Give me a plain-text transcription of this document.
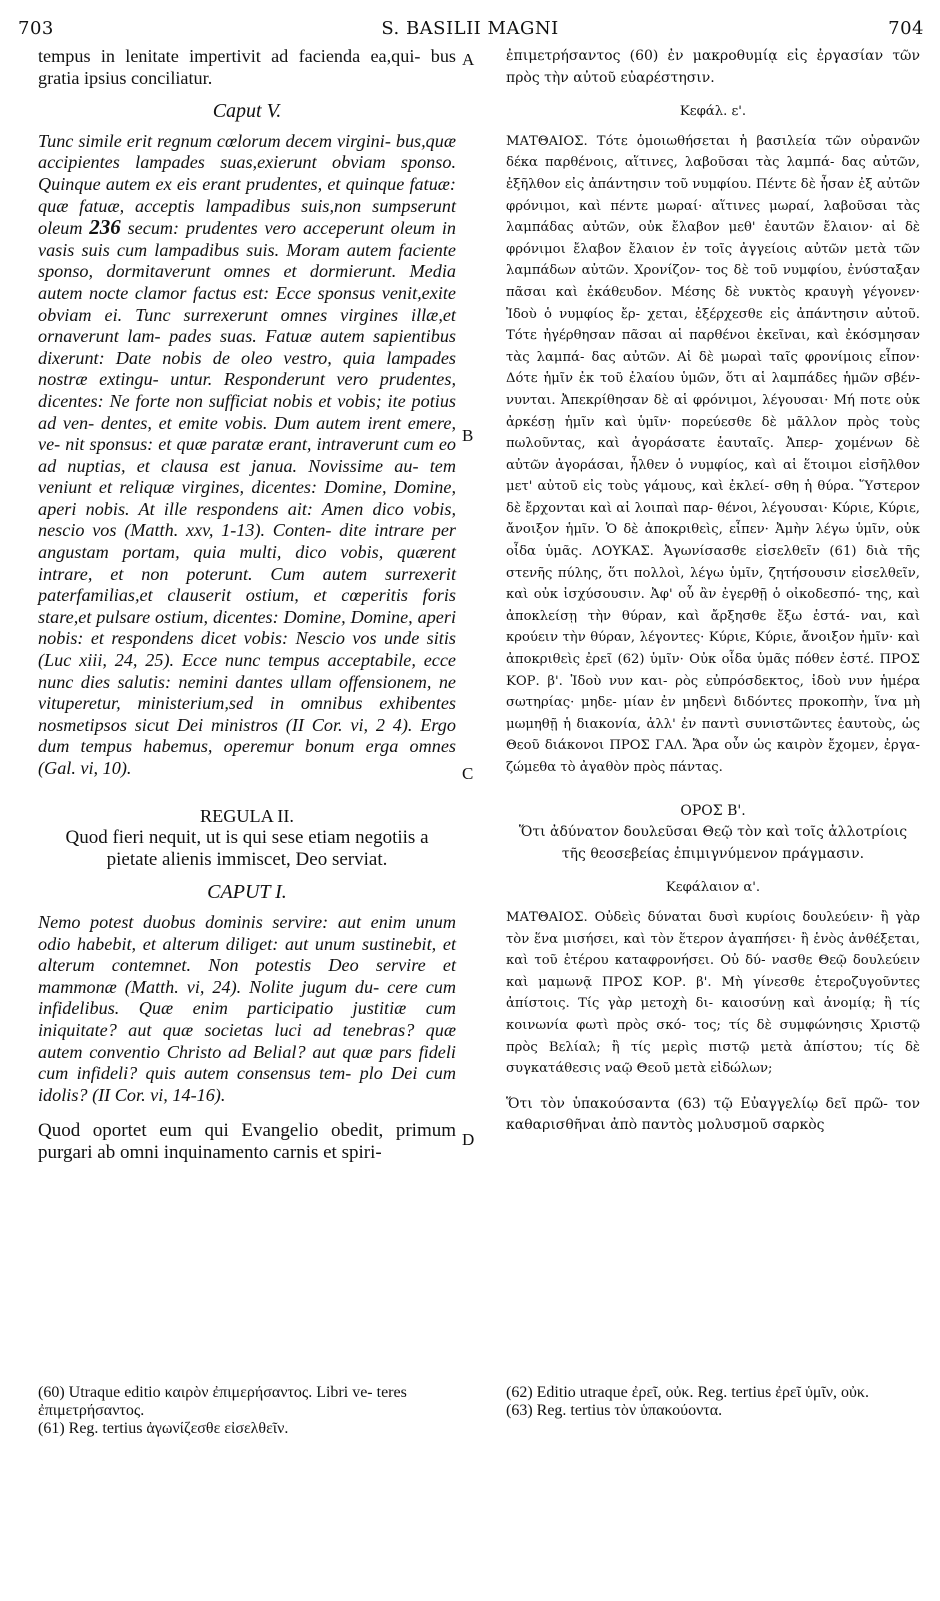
703	S. BASILII MAGNI	704
A
B
C
D

tempus in lenitate impertivit ad facienda ea,qui- bus gratia ipsius conciliatur.

Caput V.

Tunc simile erit regnum cœlorum decem virgini- bus,quæ accipientes lampades suas,exierunt obviam sponso. Quinque autem ex eis erant prudentes, et quinque fatuæ: quæ fatuæ, acceptis lampadibus suis,non sumpserunt oleum 236 secum: prudentes vero acceperunt oleum in vasis suis cum lampadibus suis. Moram autem faciente sponso, dormitaverunt omnes et dormierunt. Media autem nocte clamor factus est: Ecce sponsus venit,exite obviam ei. Tunc surrexerunt omnes virgines illæ,et ornaverunt lam- pades suas. Fatuæ autem sapientibus dixerunt: Date nobis de oleo vestro, quia lampades nostræ extingu- untur. Responderunt vero prudentes, dicentes: Ne forte non sufficiat nobis et vobis; ite potius ad ven- dentes, et emite vobis. Dum autem irent emere, ve- nit sponsus: et quæ paratæ erant, intraverunt cum eo ad nuptias, et clausa est janua. Novissime au- tem veniunt et reliquæ virgines, dicentes: Domine, Domine, aperi nobis. At ille respondens ait: Amen dico vobis, nescio vos (Matth. xxv, 1-13). Conten- dite intrare per angustam portam, quia multi, dico vobis, quærent intrare, et non poterunt. Cum autem surrexerit paterfamilias,et clauserit ostium, et cœperitis foris stare,et pulsare ostium, dicentes: Domine, Domine, aperi nobis: et respondens dicet vobis: Nescio vos unde sitis (Luc xiii, 24, 25). Ecce nunc tempus acceptabile, ecce nunc dies salutis: nemini dantes ullam offensionem, ne vituperetur, ministerium,sed in omnibus exhibentes nosmetipsos sicut Dei ministros (II Cor. vi, 2 4). Ergo dum tempus habemus, operemur bonum erga omnes (Gal. vi, 10).

REGULA II.

Quod fieri nequit, ut is qui sese etiam negotiis a pietate alienis immiscet, Deo serviat.

CAPUT I.

Nemo potest duobus dominis servire: aut enim unum odio habebit, et alterum diliget: aut unum sustinebit, et alterum contemnet. Non potestis Deo servire et mammonæ (Matth. vi, 24). Nolite jugum du- cere cum infidelibus. Quæ enim participatio justitiæ cum iniquitate? aut quæ societas luci ad tenebras? quæ autem conventio Christo ad Belial? aut quæ pars fideli cum infideli? quis autem consensus tem- plo Dei cum idolis? (II Cor. vi, 14-16).

Quod oportet eum qui Evangelio obedit, primum purgari ab omni inquinamento carnis et spiri-

ἐπιμετρήσαντος (60) ἐν μακροθυμίᾳ εἰς ἐργασίαν τῶν πρὸς τὴν αὐτοῦ εὐαρέστησιν.

Κεφάλ. ε'.

ΜΑΤΘΑΙΟΣ. Τότε ὁμοιωθήσεται ἡ βασιλεία τῶν οὐρανῶν δέκα παρθένοις, αἵτινες, λαβοῦσαι τὰς λαμπά- δας αὐτῶν, ἐξῆλθον εἰς ἀπάντησιν τοῦ νυμφίου. Πέντε δὲ ἦσαν ἐξ αὐτῶν φρόνιμοι, καὶ πέντε μωραί· αἵτινες μωραί, λαβοῦσαι τὰς λαμπάδας αὐτῶν, οὐκ ἔλαβον μεθ' ἑαυτῶν ἔλαιον· αἱ δὲ φρόνιμοι ἔλαβον ἔλαιον ἐν τοῖς ἀγγείοις αὐτῶν μετὰ τῶν λαμπάδων αὐτῶν. Χρονίζον- τος δὲ τοῦ νυμφίου, ἐνύσταξαν πᾶσαι καὶ ἐκάθευδον. Μέσης δὲ νυκτὸς κραυγὴ γέγονεν· Ἰδοὺ ὁ νυμφίος ἔρ- χεται, ἐξέρχεσθε εἰς ἀπάντησιν αὐτοῦ. Τότε ἠγέρθησαν πᾶσαι αἱ παρθένοι ἐκεῖναι, καὶ ἐκόσμησαν τὰς λαμπά- δας αὐτῶν. Αἱ δὲ μωραὶ ταῖς φρονίμοις εἶπον· Δότε ἡμῖν ἐκ τοῦ ἐλαίου ὑμῶν, ὅτι αἱ λαμπάδες ἡμῶν σβέν- νυνται. Ἀπεκρίθησαν δὲ αἱ φρόνιμοι, λέγουσαι· Μή ποτε οὐκ ἀρκέσῃ ἡμῖν καὶ ὑμῖν· πορεύεσθε δὲ μᾶλλον πρὸς τοὺς πωλοῦντας, καὶ ἀγοράσατε ἑαυταῖς. Ἀπερ- χομένων δὲ αὐτῶν ἀγοράσαι, ἦλθεν ὁ νυμφίος, καὶ αἱ ἕτοιμοι εἰσῆλθον μετ' αὐτοῦ εἰς τοὺς γάμους, καὶ ἐκλεί- σθη ἡ θύρα. Ὕστερον δὲ ἔρχονται καὶ αἱ λοιπαὶ παρ- θένοι, λέγουσαι· Κύριε, Κύριε, ἄνοιξον ἡμῖν. Ὁ δὲ ἀποκριθεὶς, εἶπεν· Ἀμὴν λέγω ὑμῖν, οὐκ οἶδα ὑμᾶς. ΛΟΥΚΑΣ. Ἀγωνίσασθε εἰσελθεῖν (61) διὰ τῆς στενῆς πύλης, ὅτι πολλοὶ, λέγω ὑμῖν, ζητήσουσιν εἰσελθεῖν, καὶ οὐκ ἰσχύσουσιν. Ἀφ' οὗ ἂν ἐγερθῇ ὁ οἰκοδεσπό- της, καὶ ἀποκλείσῃ τὴν θύραν, καὶ ἄρξησθε ἔξω ἑστά- ναι, καὶ κρούειν τὴν θύραν, λέγοντες· Κύριε, Κύριε, ἄνοιξον ἡμῖν· καὶ ἀποκριθεὶς ἐρεῖ (62) ὑμῖν· Οὐκ οἶδα ὑμᾶς πόθεν ἐστέ. ΠΡΟΣ ΚΟΡ. β'. Ἰδοὺ νυν και- ρὸς εὐπρόσδεκτος, ἰδοὺ νυν ἡμέρα σωτηρίας· μηδε- μίαν ἐν μηδενὶ διδόντες προκοπὴν, ἵνα μὴ μωμηθῇ ἡ διακονία, ἀλλ' ἐν παντὶ συνιστῶντες ἑαυτοὺς, ὡς Θεοῦ διάκονοι ΠΡΟΣ ΓΑΛ. Ἄρα οὖν ὡς καιρὸν ἔχομεν, ἐργα- ζώμεθα τὸ ἀγαθὸν πρὸς πάντας.

ΟΡΟΣ Β'.

Ὅτι ἀδύνατον δουλεῦσαι Θεῷ τὸν καὶ τοῖς ἀλλοτρίοις τῆς θεοσεβείας ἐπιμιγνύμενον πράγμασιν.

Κεφάλαιον α'.

ΜΑΤΘΑΙΟΣ. Οὐδεὶς δύναται δυσὶ κυρίοις δουλεύειν· ἢ γὰρ τὸν ἕνα μισήσει, καὶ τὸν ἕτερον ἀγαπήσει· ἢ ἑνὸς ἀνθέξεται, καὶ τοῦ ἑτέρου καταφρονήσει. Οὐ δύ- νασθε Θεῷ δουλεύειν καὶ μαμωνᾷ ΠΡΟΣ ΚΟΡ. β'. Μὴ γίνεσθε ἑτεροζυγοῦντες ἀπίστοις. Τίς γὰρ μετοχὴ δι- καιοσύνῃ καὶ ἀνομίᾳ; ἢ τίς κοινωνία φωτὶ πρὸς σκό- τος; τίς δὲ συμφώνησις Χριστῷ πρὸς Βελίαλ; ἢ τίς μερὶς πιστῷ μετὰ ἀπίστου; τίς δὲ συγκατάθεσις ναῷ Θεοῦ μετὰ εἰδώλων;

Ὅτι τὸν ὑπακούσαντα (63) τῷ Εὐαγγελίῳ δεῖ πρῶ- τον καθαρισθῆναι ἀπὸ παντὸς μολυσμοῦ σαρκὸς

(60) Utraque editio καιρὸν ἐπιμερήσαντος. Libri ve- teres ἐπιμετρήσαντος.

(61) Reg. tertius ἀγωνίζεσθε εἰσελθεῖν.

(62) Editio utraque ἐρεῖ, οὐκ. Reg. tertius ἐρεῖ ὑμῖν, οὐκ.

(63) Reg. tertius τὸν ὑπακούοντα.
